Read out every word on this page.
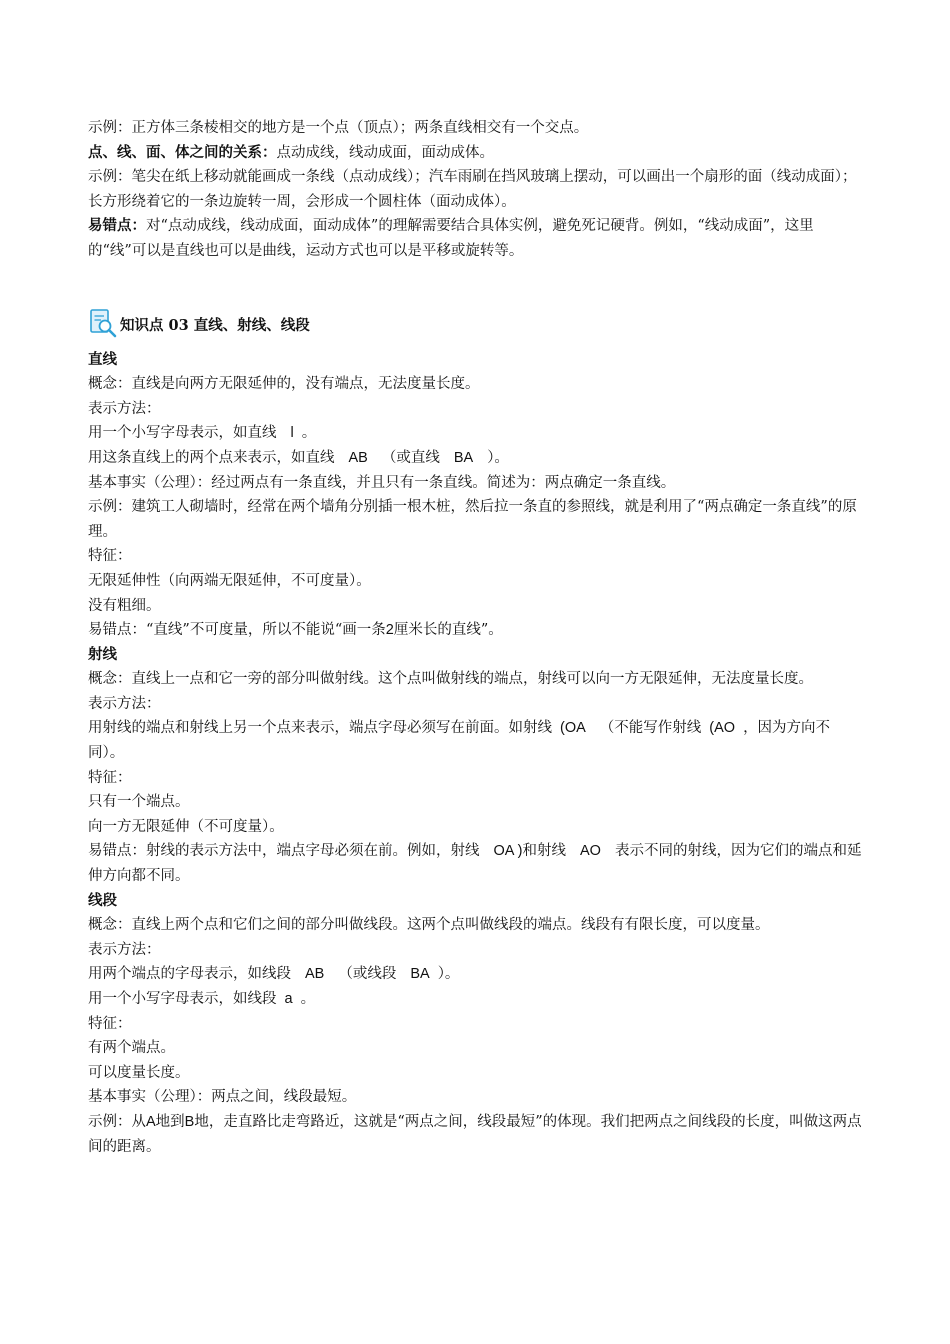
示例：正方体三条棱相交的地方是一个点（顶点）；两条直线相交有一个交点。

点、线、面、体之间的关系：点动成线，线动成面，面动成体。

示例：笔尖在纸上移动就能画成一条线（点动成线）；汽车雨刷在挡风玻璃上摆动，可以画出一个扇形的面（线动成面）；长方形绕着它的一条边旋转一周，会形成一个圆柱体（面动成体）。

易错点：对“点动成线，线动成面，面动成体”的理解需要结合具体实例，避免死记硬背。例如，“线动成面”，这里的“线”可以是直线也可以是曲线，运动方式也可以是平移或旋转等。

知识点 03 直线、射线、线段

直线

概念：直线是向两方无限延伸的，没有端点，无法度量长度。

表示方法：

用一个小写字母表示，如直线 l 。

用这条直线上的两个点来表示，如直线 AB （或直线 BA ）。

基本事实（公理）：经过两点有一条直线，并且只有一条直线。简述为：两点确定一条直线。

示例：建筑工人砌墙时，经常在两个墙角分别插一根木桩，然后拉一条直的参照线，就是利用了“两点确定一条直线”的原理。

特征：

无限延伸性（向两端无限延伸，不可度量）。

没有粗细。

易错点：“直线”不可度量，所以不能说“画一条2厘米长的直线”。

射线

概念：直线上一点和它一旁的部分叫做射线。这个点叫做射线的端点，射线可以向一方无限延伸，无法度量长度。

表示方法：

用射线的端点和射线上另一个点来表示，端点字母必须写在前面。如射线 (OA （不能写作射线 (AO ，因为方向不同）。

特征：

只有一个端点。

向一方无限延伸（不可度量）。

易错点：射线的表示方法中，端点字母必须在前。例如，射线 OA )和射线 AO 表示不同的射线，因为它们的端点和延伸方向都不同。

线段

概念：直线上两个点和它们之间的部分叫做线段。这两个点叫做线段的端点。线段有有限长度，可以度量。

表示方法：

用两个端点的字母表示，如线段 AB （或线段 BA ）。

用一个小写字母表示，如线段 a 。

特征：

有两个端点。

可以度量长度。

基本事实（公理）：两点之间，线段最短。

示例：从A地到B地，走直路比走弯路近，这就是“两点之间，线段最短”的体现。我们把两点之间线段的长度，叫做这两点间的距离。
